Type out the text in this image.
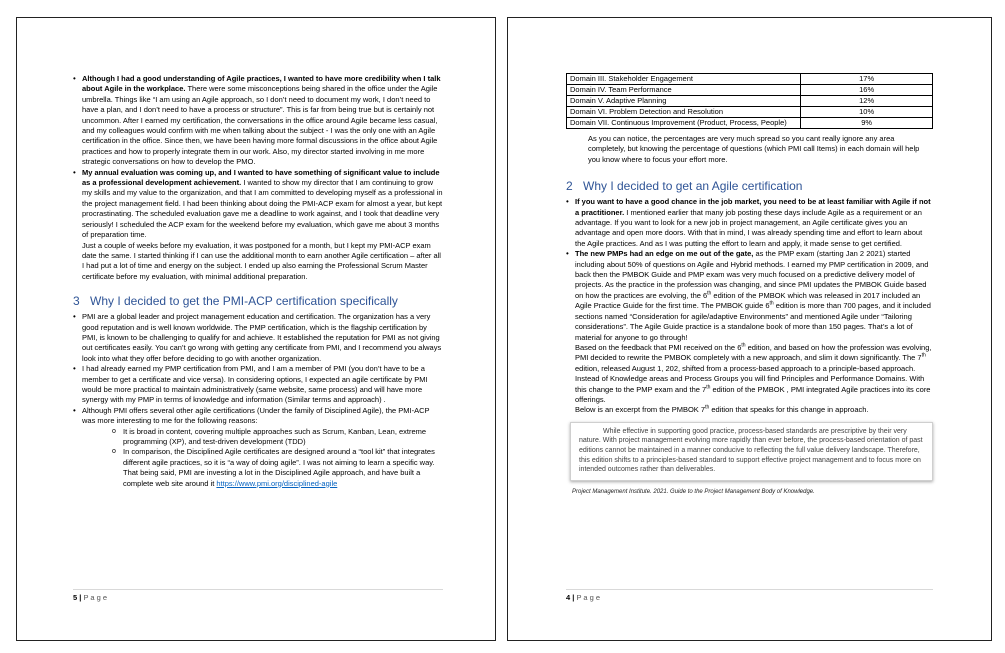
• Although I had a good understanding of Agile practices, I wanted to have more credibility when I talk about Agile in the workplace. There were some misconceptions being shared in the office under the Agile umbrella. Things like “I am using an Agile approach, so I don’t need to document my work, I don’t need to have a plan, and I don’t need to have a process or structure”. This is far from being true but is certainly not uncommon. After I earned my certification, the conversations in the office around Agile became less casual, and my colleagues would confirm with me when talking about the subject - I was the only one with an Agile certification in the office. Since then, we have been having more formal discussions in the office about Agile practices and how to properly integrate them in our work. Also, my director started involving in me more strategic conversations on how to develop the PMO.
• My annual evaluation was coming up, and I wanted to have something of significant value to include as a professional development achievement. I wanted to show my director that I am continuing to grow my skills and my value to the organization, and that I am committed to developing myself as a professional in the project management field. I had been thinking about doing the PMI-ACP exam for almost a year, but kept procrastinating. The scheduled evaluation gave me a deadline to work against, and I took that deadline very seriously! I scheduled the ACP exam for the weekend before my evaluation, which gave me about 3 months of preparation time.

Just a couple of weeks before my evaluation, it was postponed for a month, but I kept my PMI-ACP exam date the same. I started thinking if I can use the additional month to earn another Agile certification – after all I had put a lot of time and energy on the subject. I ended up also earning the Professional Scrum Master certificate before my evaluation, with minimal additional preparation.

3 Why I decided to get the PMI-ACP certification specifically
• PMI are a global leader and project management education and certification. The organization has a very good reputation and is well known worldwide. The PMP certification, which is the flagship certification by PMI, is known to be challenging to qualify for and achieve. It established the reputation for PMI as not giving out certificates easily. You can’t go wrong with getting any certificate from PMI, and I recommend you always look into what they offer before deciding to go with another organization.
• I had already earned my PMP certification from PMI, and I am a member of PMI (you don’t have to be a member to get a certificate and vice versa). In considering options, I expected an agile certificate by PMI would be more practical to maintain administratively (same website, same process) and will have more synergy with my PMP in terms of knowledge and information (Similar terms and approach) .
• Although PMI offers several other agile certifications (Under the family of Disciplined Agile), the PMI-ACP was more interesting to me for the following reasons:
o It is broad in content, covering multiple approaches such as Scrum, Kanban, Lean, extreme programming (XP), and test-driven development (TDD)
o In comparison, the Disciplined Agile certificates are designed around a “tool kit” that integrates different agile practices, so it is “a way of doing agile”. I was not aiming to learn a specific way. That being said, PMI are investing a lot in the Disciplined Agile approach, and have built a complete web site around it https://www.pmi.org/disciplined-agile
5 | P a g e
Domain III. Stakeholder Engagement	17%
Domain IV. Team Performance	16%
Domain V. Adaptive Planning	12%
Domain VI. Problem Detection and Resolution	10%
Domain VII. Continuous Improvement (Product, Process, People)	9%

As you can notice, the percentages are very much spread so you cant really ignore any area completely, but knowing the percentage of questions (which PMI call Items) in each domain will help you know where to focus your effort more.

2 Why I decided to get an Agile certification
• If you want to have a good chance in the job market, you need to be at least familiar with Agile if not a practitioner. I mentioned earlier that many job posting these days include Agile as a requirement or an advantage. If you want to look for a new job in project management, an Agile certificate gives you an advantage and open more doors. With that in mind, I was already spending time and effort to learn about the Agile practices. And as I was putting the effort to learn and apply, it made sense to get certified.
• The new PMPs had an edge on me out of the gate, as the PMP exam (starting Jan 2 2021) started including about 50% of questions on Agile and Hybrid methods. I earned my PMP certification in 2009, and back then the PMBOK Guide and PMP exam was very much focused on a predictive delivery model of projects. As the practice in the profession was changing, and since PMI updates the PMBOK Guide based on how the practices are evolving, the 6th edition of the PMBOK which was released in 2017 included an Agile Practice Guide for the first time. The PMBOK guide 6th edition is more than 700 pages, and it included sections named “Consideration for agile/adaptive Environments” and mentioned Agile under “Tailoring considerations”. The Agile Guide practice is a standalone book of more than 150 pages. That’s a lot of material for anyone to go through!

Based on the feedback that PMI received on the 6th edition, and based on how the profession was evolving, PMI decided to rewrite the PMBOK completely with a new approach, and slim it down significantly. The 7th edition, released August 1, 202, shifted from a process-based approach to a principle-based approach. Instead of Knowledge areas and Process Groups you will find Principles and Performance Domains. With this change to the PMP exam and the 7th edition of the PMBOK , PMI integrated Agile practices into its core offerings.

Below is an excerpt from the PMBOK 7th edition that speaks for this change in approach.

While effective in supporting good practice, process-based standards are prescriptive by their very nature. With project management evolving more rapidly than ever before, the process-based orientation of past editions cannot be maintained in a manner conducive to reflecting the full value delivery landscape. Therefore, this edition shifts to a principles-based standard to support effective project management and to focus more on intended outcomes rather than deliverables.

Project Management Institute. 2021. Guide to the Project Management Body of Knowledge.

4 | P a g e
